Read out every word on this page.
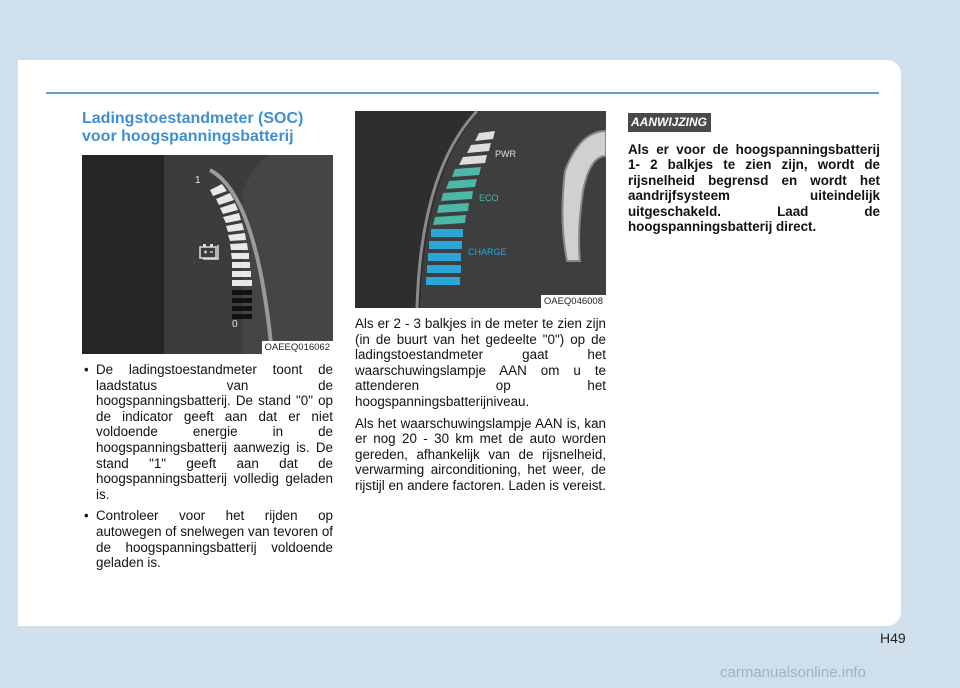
Ladingstoestandmeter (SOC)
voor hoogspanningsbatterij
1
0
OAEEQ016062
PWR
ECO
CHARGE
OAEQ046008
• De ladingstoestandmeter toont de laadstatus van de hoogspanningsbatterij. De stand "0" op de indicator geeft aan dat er niet voldoende energie in de hoogspanningsbatterij aanwezig is. De stand "1" geeft aan dat de hoogspanningsbatterij volledig geladen is.
• Controleer voor het rijden op autowegen of snelwegen van tevoren of de hoogspanningsbatterij voldoende geladen is.

Als er 2 - 3 balkjes in de meter te zien zijn (in de buurt van het gedeelte "0") op de ladingstoestandmeter gaat het waarschuwingslampje AAN om u te attenderen op het hoogspanningsbatterijniveau.

Als het waarschuwingslampje AAN is, kan er nog 20 - 30 km met de auto worden gereden, afhankelijk van de rijsnelheid, verwarming airconditioning, het weer, de rijstijl en andere factoren. Laden is vereist.

AANWIJZING
Als er voor de hoogspanningsbatterij 1- 2 balkjes te zien zijn, wordt de rijsnelheid begrensd en wordt het aandrijfsysteem uiteindelijk uitgeschakeld. Laad de hoogspanningsbatterij direct.
H49
carmanualsonline.info
